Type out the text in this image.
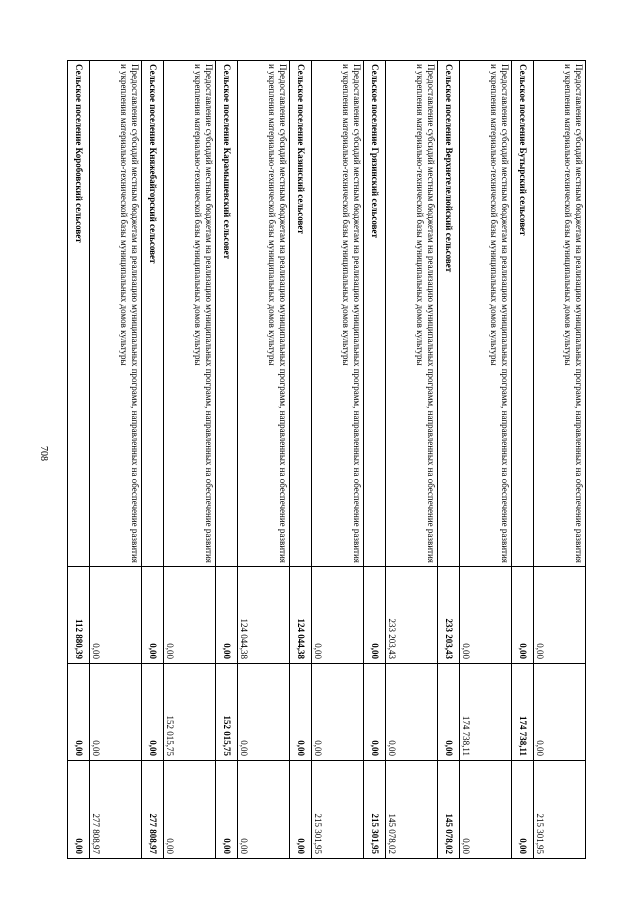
708	Предоставление субсидий местным бюджетам на реализацию муниципальных программ, направленных на обеспечение развития и укрепления материально-технической базы муниципальных домов культуры	0,00	0,00	215 301,95
Сельское поселение Бутырский сельсовет	0,00	174 738,11	0,00
Предоставление субсидий местным бюджетам на реализацию муниципальных программ, направленных на обеспечение развития и укрепления материально-технической базы муниципальных домов культуры	0,00	174 738,11	0,00
Сельское поселение Верхнетелелюйский сельсовет	233 203,43	0,00	145 078,02
Предоставление субсидий местным бюджетам на реализацию муниципальных программ, направленных на обеспечение развития и укрепления материально-технической базы муниципальных домов культуры	233 203,43	0,00	145 078,02
Сельское поселение Грязинский сельсовет	0,00	0,00	215 301,95
Предоставление субсидий местным бюджетам на реализацию муниципальных программ, направленных на обеспечение развития и укрепления материально-технической базы муниципальных домов культуры	0,00	0,00	215 301,95
Сельское поселение Казинский сельсовет	124 044,38	0,00	0,00
Предоставление субсидий местным бюджетам на реализацию муниципальных программ, направленных на обеспечение развития и укрепления материально-технической базы муниципальных домов культуры	124 044,38	0,00	0,00
Сельское поселение Карамышевский сельсовет	0,00	152 015,75	0,00
Предоставление субсидий местным бюджетам на реализацию муниципальных программ, направленных на обеспечение развития и укрепления материально-технической базы муниципальных домов культуры	0,00	152 015,75	0,00
Сельское поселение Княжебайгорский сельсовет	0,00	0,00	277 808,97
Предоставление субсидий местным бюджетам на реализацию муниципальных программ, направленных на обеспечение развития и укрепления материально-технической базы муниципальных домов культуры	0,00	0,00	277 808,97
Сельское поселение Коробовский сельсовет	112 880,39	0,00	0,00
